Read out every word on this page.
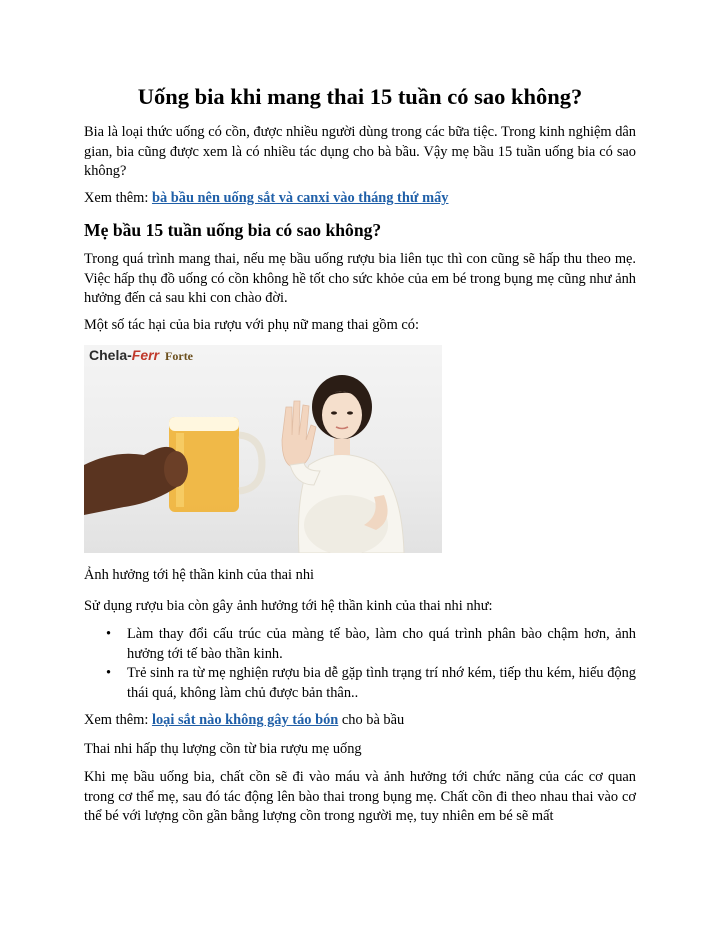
Uống bia khi mang thai 15 tuần có sao không?

Bia là loại thức uống có cồn, được nhiều người dùng trong các bữa tiệc. Trong kinh nghiệm dân gian, bia cũng được xem là có nhiều tác dụng cho bà bầu. Vậy mẹ bầu 15 tuần uống bia có sao không?

Xem thêm: bà bầu nên uống sắt và canxi vào tháng thứ mấy

Mẹ bầu 15 tuần uống bia có sao không?

Trong quá trình mang thai, nếu mẹ bầu uống rượu bia liên tục thì con cũng sẽ hấp thu theo mẹ. Việc hấp thụ đồ uống có cồn không hề tốt cho sức khỏe của em bé trong bụng mẹ cũng như ảnh hưởng đến cả sau khi con chào đời.

Một số tác hại của bia rượu với phụ nữ mang thai gồm có:

Chela-Ferr Forte

Ảnh hưởng tới hệ thần kinh của thai nhi

Sử dụng rượu bia còn gây ảnh hưởng tới hệ thần kinh của thai nhi như:

• Làm thay đổi cấu trúc của màng tế bào, làm cho quá trình phân bào chậm hơn, ảnh hưởng tới tế bào thần kinh.
• Trẻ sinh ra từ mẹ nghiện rượu bia dễ gặp tình trạng trí nhớ kém, tiếp thu kém, hiếu động thái quá, không làm chủ được bản thân..

Xem thêm: loại sắt nào không gây táo bón cho bà bầu

Thai nhi hấp thụ lượng cồn từ bia rượu mẹ uống

Khi mẹ bầu uống bia, chất cồn sẽ đi vào máu và ảnh hưởng tới chức năng của các cơ quan trong cơ thể mẹ, sau đó tác động lên bào thai trong bụng mẹ. Chất cồn đi theo nhau thai vào cơ thể bé với lượng cồn gần bằng lượng cồn trong người mẹ, tuy nhiên em bé sẽ mất
